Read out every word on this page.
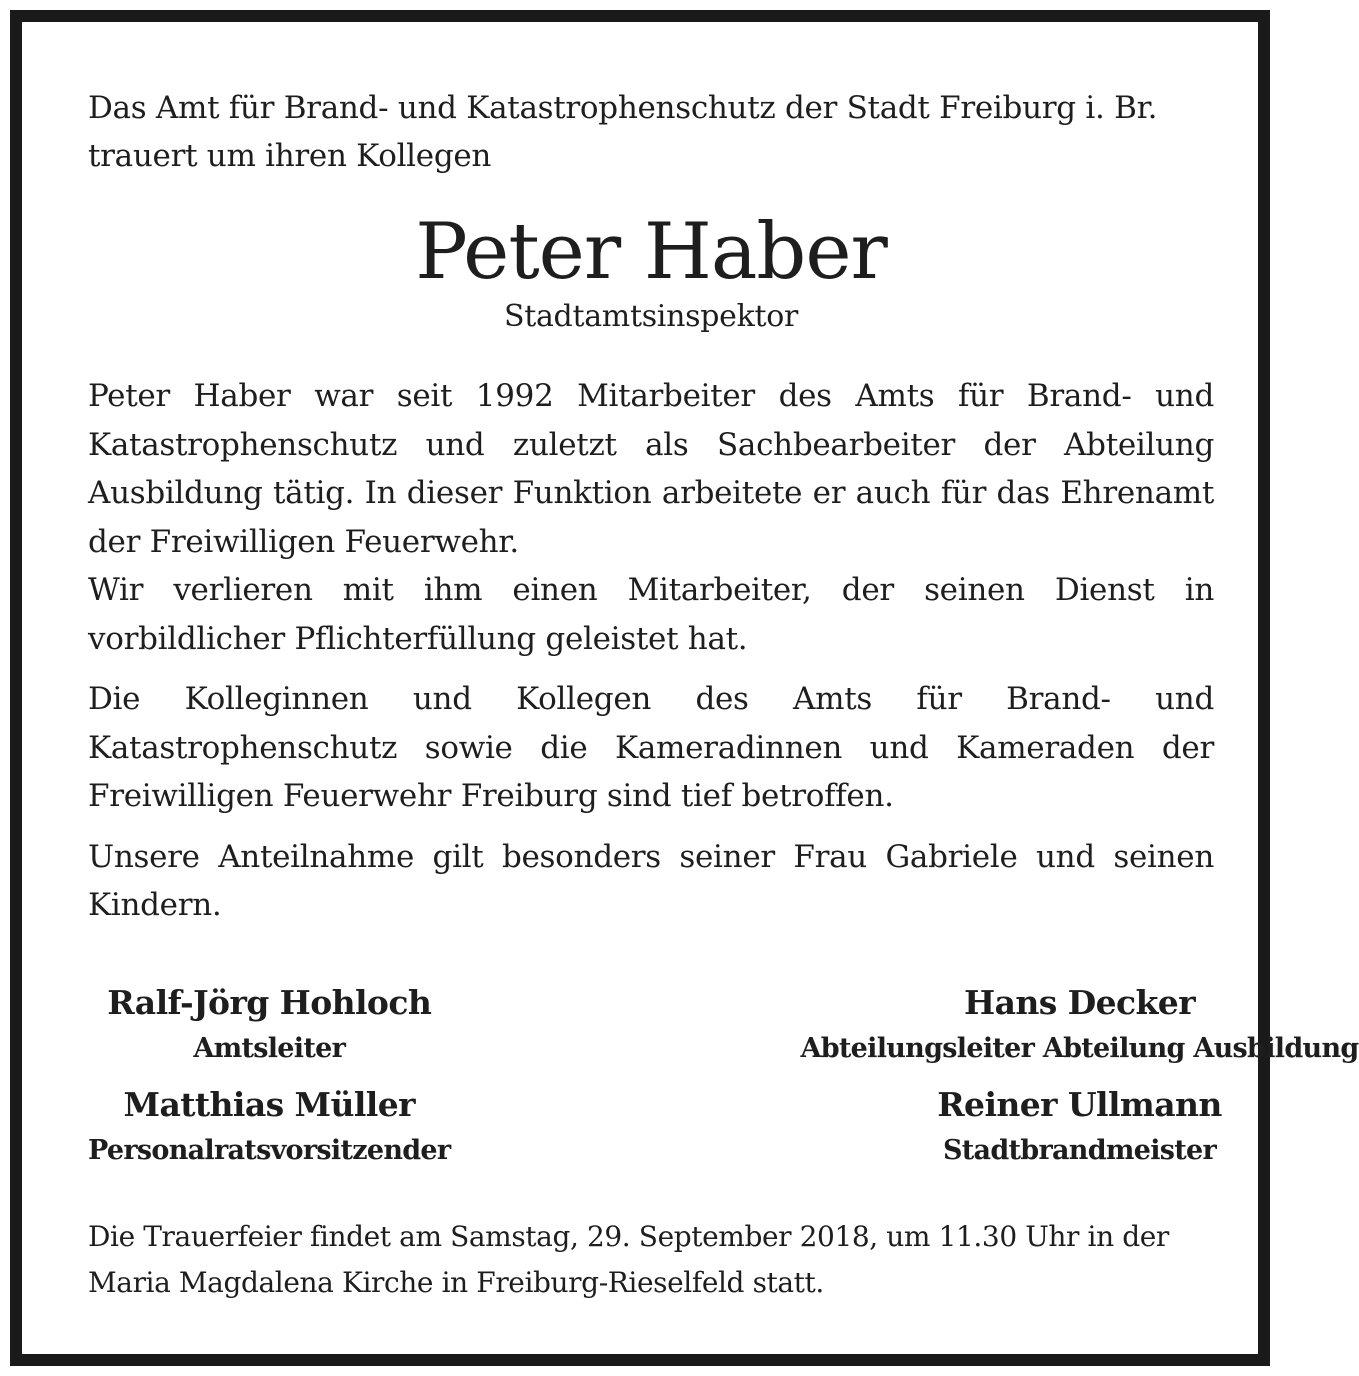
Das Amt für Brand- und Katastrophenschutz der Stadt Freiburg i. Br.
trauert um ihren Kollegen
Peter Haber
Stadtamtsinspektor

Peter Haber war seit 1992 Mitarbeiter des Amts für Brand- und Katastrophenschutz und zuletzt als Sachbearbeiter der Abteilung Ausbildung tätig. In dieser Funktion arbeitete er auch für das Ehrenamt der Freiwilligen Feuerwehr.

Wir verlieren mit ihm einen Mitarbeiter, der seinen Dienst in vorbildlicher Pflichterfüllung geleistet hat.

Die Kolleginnen und Kollegen des Amts für Brand- und Katastrophenschutz sowie die Kameradinnen und Kameraden der Freiwilligen Feuerwehr Freiburg sind tief betroffen.

Unsere Anteilnahme gilt besonders seiner Frau Gabriele und seinen Kindern.

Ralf-Jörg Hohloch
Amtsleiter
Hans Decker
Abteilungsleiter Abteilung Ausbildung
Matthias Müller
Personalratsvorsitzender
Reiner Ullmann
Stadtbrandmeister
Die Trauerfeier findet am Samstag, 29. September 2018, um 11.30 Uhr in der
Maria Magdalena Kirche in Freiburg-Rieselfeld statt.
